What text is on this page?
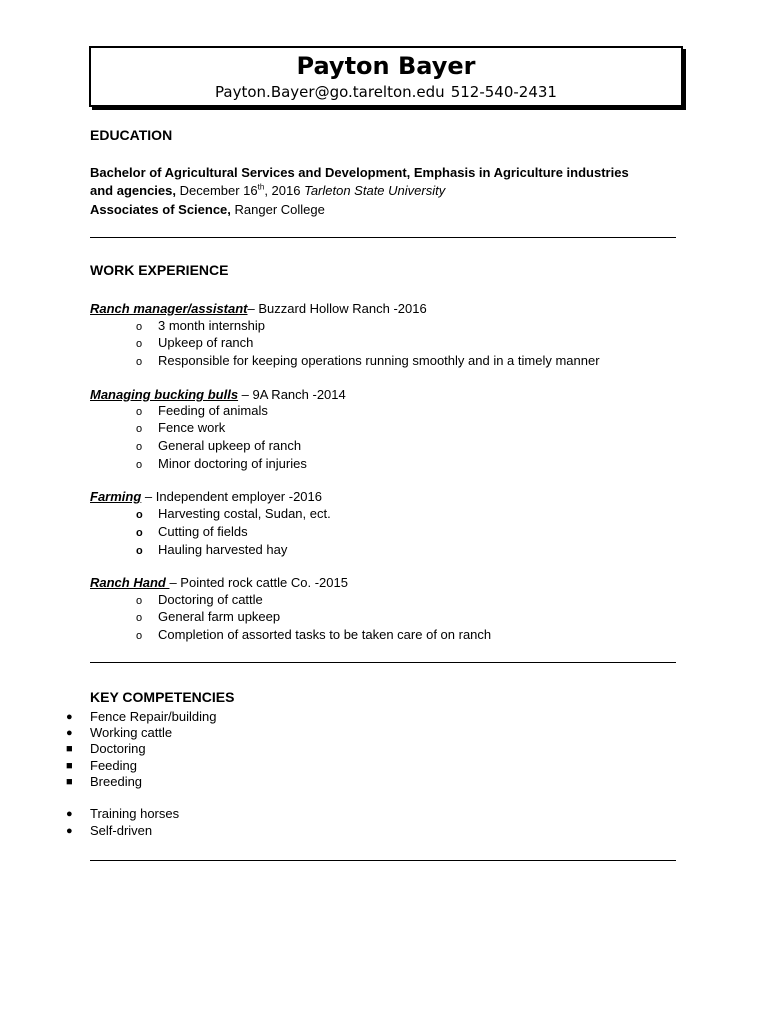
Payton Bayer
Payton.Bayer@go.tarelton.edu 512-540-2431
EDUCATION
Bachelor of Agricultural Services and Development, Emphasis in Agriculture industries
and agencies, December 16th, 2016 Tarleton State University
Associates of Science, Ranger College
WORK EXPERIENCE
Ranch manager/assistant– Buzzard Hollow Ranch -2016
o 3 month internship
o Upkeep of ranch
o Responsible for keeping operations running smoothly and in a timely manner
Managing bucking bulls – 9A Ranch -2014
o Feeding of animals
o Fence work
o General upkeep of ranch
o Minor doctoring of injuries
Farming – Independent employer -2016
o Harvesting costal, Sudan, ect.
o Cutting of fields
o Hauling harvested hay
Ranch Hand – Pointed rock cattle Co. -2015
o Doctoring of cattle
o General farm upkeep
o Completion of assorted tasks to be taken care of on ranch
KEY COMPETENCIES
● Fence Repair/building
● Working cattle
■ Doctoring
■ Feeding
■ Breeding
● Training horses
● Self-driven
